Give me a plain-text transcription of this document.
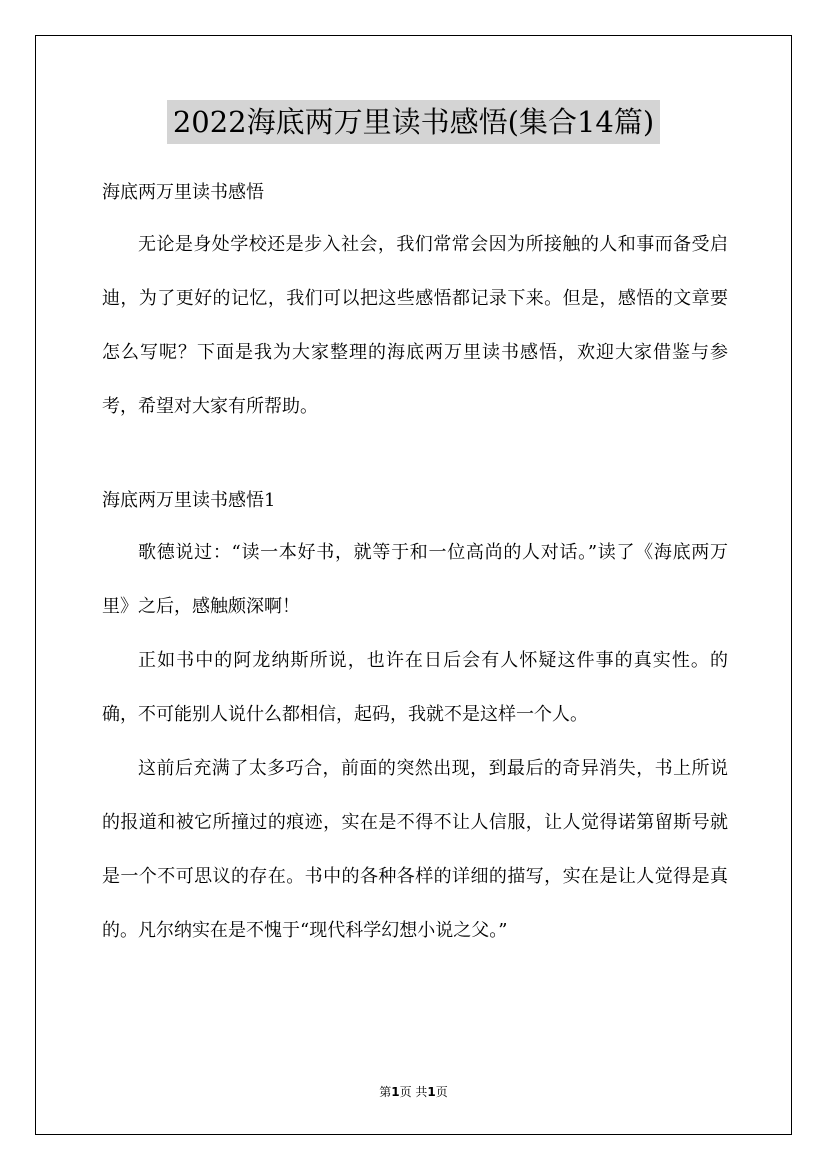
2022海底两万里读书感悟(集合14篇)

海底两万里读书感悟

无论是身处学校还是步入社会，我们常常会因为所接触的人和事而备受启迪，为了更好的记忆，我们可以把这些感悟都记录下来。但是，感悟的文章要怎么写呢？下面是我为大家整理的海底两万里读书感悟，欢迎大家借鉴与参考，希望对大家有所帮助。

海底两万里读书感悟1

歌德说过：“读一本好书，就等于和一位高尚的人对话。”读了《海底两万里》之后，感触颇深啊！

正如书中的阿龙纳斯所说，也许在日后会有人怀疑这件事的真实性。的确，不可能别人说什么都相信，起码，我就不是这样一个人。

这前后充满了太多巧合，前面的突然出现，到最后的奇异消失，书上所说的报道和被它所撞过的痕迹，实在是不得不让人信服，让人觉得诺第留斯号就是一个不可思议的存在。书中的各种各样的详细的描写，实在是让人觉得是真的。凡尔纳实在是不愧于“现代科学幻想小说之父。”

第1页 共1页
